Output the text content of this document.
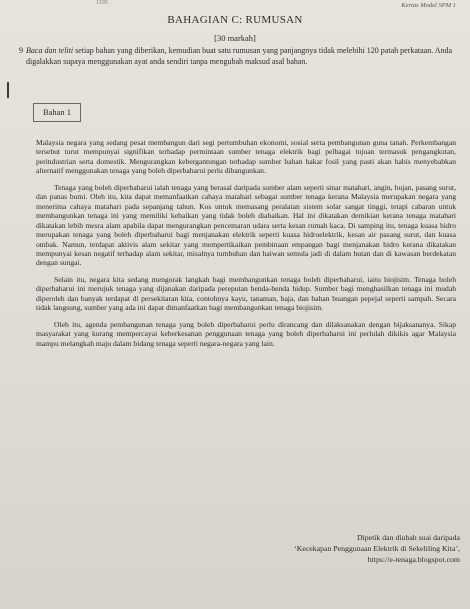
1105	Kertas Model SPM 1
BAHAGIAN C: RUMUSAN
[30 markah]
9 Baca dan teliti setiap bahan yang diberikan, kemudian buat satu rumusan yang panjangnya tidak melebihi 120 patah perkataan. Anda digalakkan supaya menggunakan ayat anda sendiri tanpa mengubah maksud asal bahan.
Bahan 1

Malaysia negara yang sedang pesat membangun dari segi pertumbuhan ekonomi, sosial serta pembangunan guna tanah. Perkembangan tersebut turut mempunyai signifikan terhadap permintaan sumber tenaga elektrik bagi pelbagai tujuan termasuk pengangkutan, perindustrian serta domestik. Mengurangkan kebergantungan terhadap sumber bahan bakar fosil yang pasti akan habis menyebabkan alternatif menggunakan tenaga yang boleh diperbaharui perlu dibangunkan.

Tenaga yang boleh diperbaharui ialah tenaga yang berasal daripada sumber alam seperti sinar matahari, angin, hujan, pasang surut, dan panas bumi. Oleh itu, kita dapat memanfaatkan cahaya matahari sebagai sumber tenaga kerana Malaysia merupakan negara yang menerima cahaya matahari pada sepanjang tahun. Kos untuk memasang peralatan sistem solar sangat tinggi, tetapi cabaran untuk membangunkan tenaga ini yang memiliki kebaikan yang tidak boleh diabaikan. Hal ini dikatakan demikian kerana tenaga matahari dikatakan lebih mesra alam apabila dapat mengurangkan pencemaran udara serta kesan rumah kaca. Di samping itu, tenaga kuasa hidro merupakan tenaga yang boleh diperbaharui bagi menjanakan elektrik seperti kuasa hidroelektrik, kesan air pasang surut, dan kuasa ombak. Namun, terdapat aktivis alam sekitar yang mempertikaikan pembinaan empangan bagi menjanakan hidro kerana dikatakan mempunyai kesan negatif terhadap alam sekitar, misalnya tumbuhan dan haiwan semula jadi di dalam hutan dan di kawasan berdekatan dengan sungai.

Selain itu, negara kita sedang mengorak langkah bagi membangunkan tenaga boleh diperbaharui, iaitu biojisim. Tenaga boleh diperbaharui ini merujuk tenaga yang dijanakan daripada pereputan benda-benda hidup. Sumber bagi menghasilkan tenaga ini mudah diperoleh dan banyak terdapat di persekitaran kita, contohnya kayu, tanaman, baja, dan bahan buangan pepejal seperti sampah. Secara tidak langsung, sumber yang ada ini dapat dimanfaatkan bagi membangunkan tenaga biojisim.

Oleh itu, agenda pembangunan tenaga yang boleh diperbaharui perlu dirancang dan dilaksanakan dengan bijaksananya. Sikap masyarakat yang kurang mempercayai keberkesanan penggunaan tenaga yang boleh diperbaharui ini perlulah dikikis agar Malaysia mampu melangkah maju dalam bidang tenaga seperti negara-negara yang lain.

Dipetik dan diubah suai daripada
‘Kecekapan Penggunaan Elektrik di Sekeliling Kita’,
https://e-tenaga.blogspot.com
